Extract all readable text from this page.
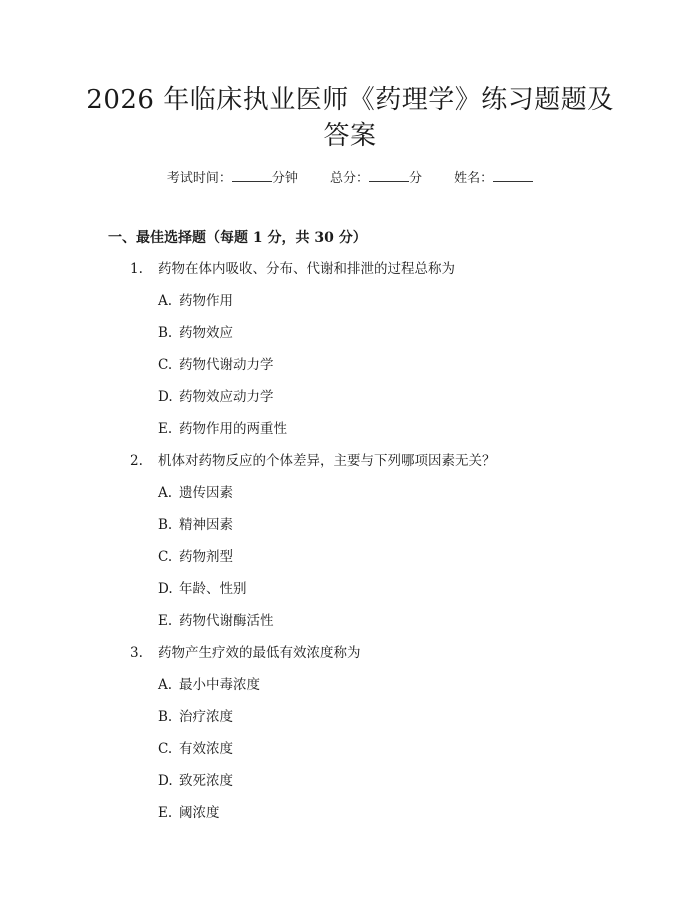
2026 年临床执业医师《药理学》练习题题及
答案
考试时间：	分钟 总分：	分 姓名：
一、最佳选择题（每题 1 分，共 30 分）
1. 药物在体内吸收、分布、代谢和排泄的过程总称为
A. 药物作用
B. 药物效应
C. 药物代谢动力学
D. 药物效应动力学
E. 药物作用的两重性
2. 机体对药物反应的个体差异，主要与下列哪项因素无关？
A. 遗传因素
B. 精神因素
C. 药物剂型
D. 年龄、性别
E. 药物代谢酶活性
3. 药物产生疗效的最低有效浓度称为
A. 最小中毒浓度
B. 治疗浓度
C. 有效浓度
D. 致死浓度
E. 阈浓度
